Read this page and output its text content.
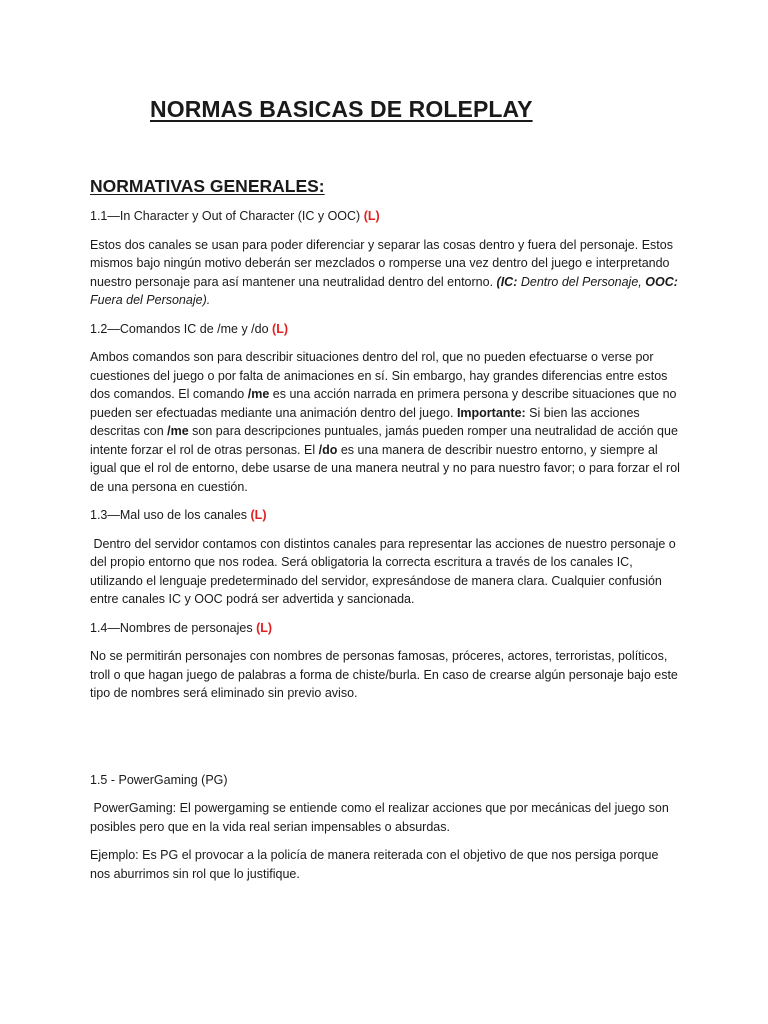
NORMAS BASICAS DE ROLEPLAY
NORMATIVAS GENERALES:

1.1—In Character y Out of Character (IC y OOC) (L)

Estos dos canales se usan para poder diferenciar y separar las cosas dentro y fuera del personaje. Estos mismos bajo ningún motivo deberán ser mezclados o romperse una vez dentro del juego e interpretando nuestro personaje para así mantener una neutralidad dentro del entorno. (IC: Dentro del Personaje, OOC: Fuera del Personaje).

1.2—Comandos IC de /me y /do (L)

Ambos comandos son para describir situaciones dentro del rol, que no pueden efectuarse o verse por cuestiones del juego o por falta de animaciones en sí. Sin embargo, hay grandes diferencias entre estos dos comandos. El comando /me es una acción narrada en primera persona y describe situaciones que no pueden ser efectuadas mediante una animación dentro del juego. Importante: Si bien las acciones descritas con /me son para descripciones puntuales, jamás pueden romper una neutralidad de acción que intente forzar el rol de otras personas. El /do es una manera de describir nuestro entorno, y siempre al igual que el rol de entorno, debe usarse de una manera neutral y no para nuestro favor; o para forzar el rol de una persona en cuestión.

1.3—Mal uso de los canales (L)

Dentro del servidor contamos con distintos canales para representar las acciones de nuestro personaje o del propio entorno que nos rodea. Será obligatoria la correcta escritura a través de los canales IC, utilizando el lenguaje predeterminado del servidor, expresándose de manera clara. Cualquier confusión entre canales IC y OOC podrá ser advertida y sancionada.

1.4—Nombres de personajes (L)

No se permitirán personajes con nombres de personas famosas, próceres, actores, terroristas, políticos, troll o que hagan juego de palabras a forma de chiste/burla. En caso de crearse algún personaje bajo este tipo de nombres será eliminado sin previo aviso.

1.5 - PowerGaming (PG)

PowerGaming: El powergaming se entiende como el realizar acciones que por mecánicas del juego son posibles pero que en la vida real serian impensables o absurdas.

Ejemplo: Es PG el provocar a la policía de manera reiterada con el objetivo de que nos persiga porque nos aburrimos sin rol que lo justifique.
